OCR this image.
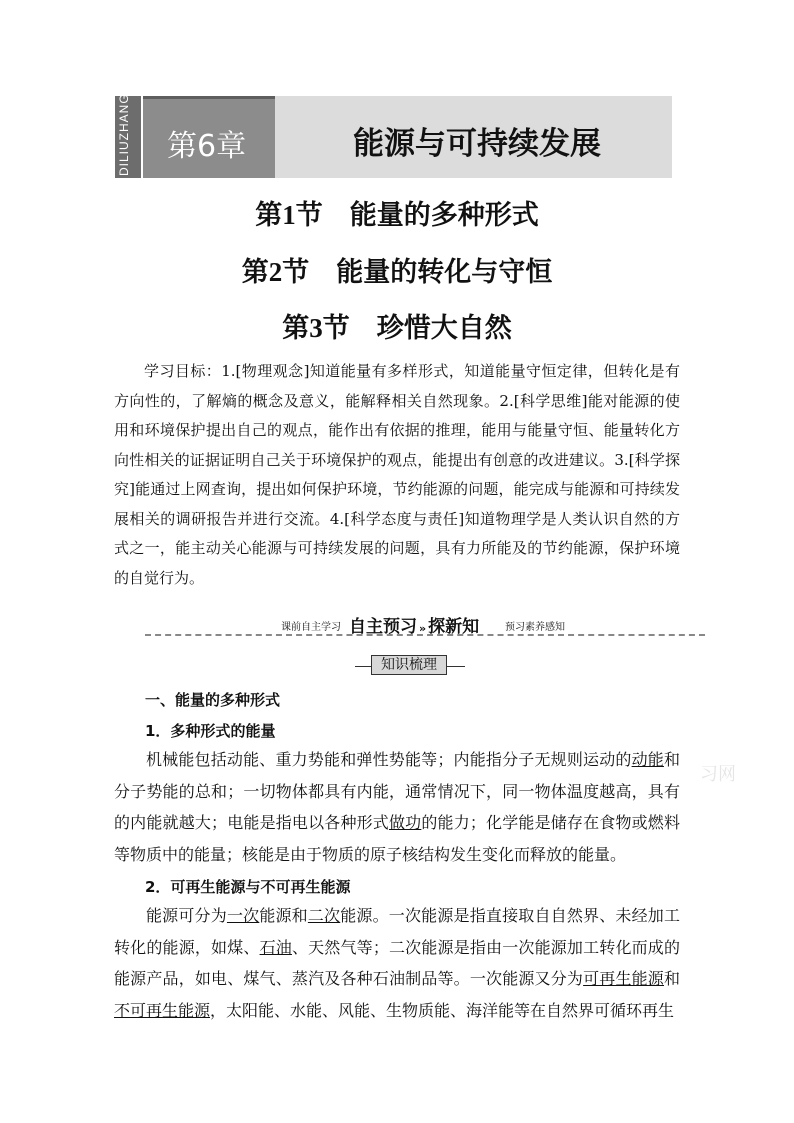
DILIUZHANG 第6章	能源与可持续发展
第1节　能量的多种形式
第2节　能量的转化与守恒
第3节　珍惜大自然
学习目标：1.[物理观念]知道能量有多样形式，知道能量守恒定律，但转化是有方向性的，了解熵的概念及意义，能解释相关自然现象。2.[科学思维]能对能源的使用和环境保护提出自己的观点，能作出有依据的推理，能用与能量守恒、能量转化方向性相关的证据证明自己关于环境保护的观点，能提出有创意的改进建议。3.[科学探究]能通过上网查询，提出如何保护环境，节约能源的问题，能完成与能源和可持续发展相关的调研报告并进行交流。4.[科学态度与责任]知道物理学是人类认识自然的方式之一，能主动关心能源与可持续发展的问题，具有力所能及的节约能源，保护环境的自觉行为。
课前自主学习 自主预习 » 探新知	预习素养感知
知识梳理
一、能量的多种形式
1．多种形式的能量
机械能包括动能、重力势能和弹性势能等；内能指分子无规则运动的动能和分子势能的总和；一切物体都具有内能，通常情况下，同一物体温度越高，具有的内能就越大；电能是指电以各种形式做功的能力；化学能是储存在食物或燃料等物质中的能量；核能是由于物质的原子核结构发生变化而释放的能量。
2．可再生能源与不可再生能源
能源可分为一次能源和二次能源。一次能源是指直接取自自然界、未经加工转化的能源，如煤、石油、天然气等；二次能源是指由一次能源加工转化而成的能源产品，如电、煤气、蒸汽及各种石油制品等。一次能源又分为可再生能源和不可再生能源，太阳能、水能、风能、生物质能、海洋能等在自然界可循环再生
习网
